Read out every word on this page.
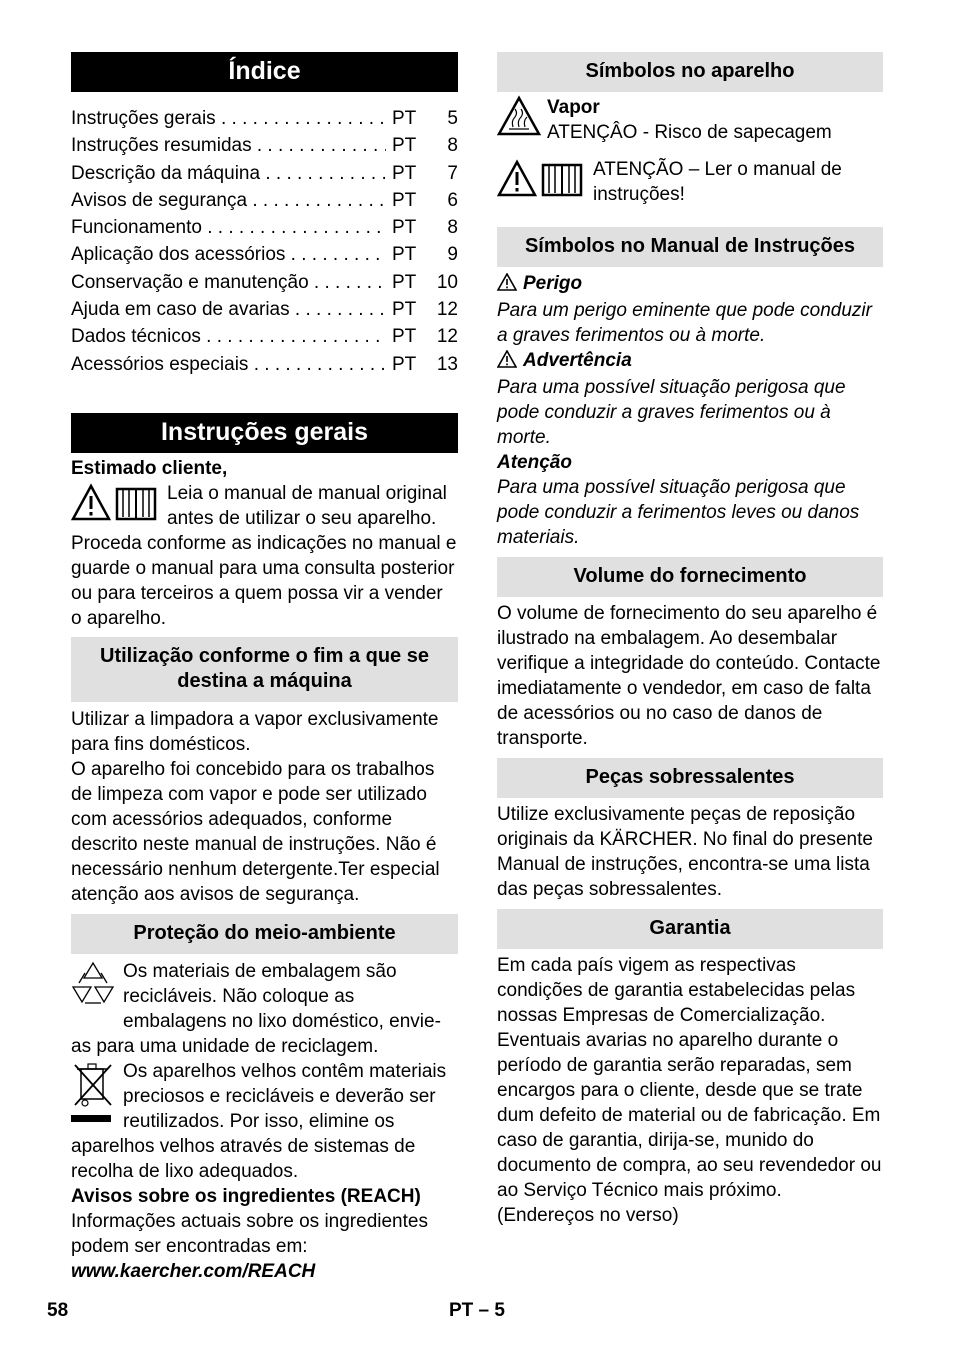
Índice
Instruções gerais . . .	PT	5
Instruções resumidas . . .	PT	8
Descrição da máquina . . .	PT	7
Avisos de segurança . . .	PT	6
Funcionamento . . .	PT	8
Aplicação dos acessórios . . .	PT	9
Conservação e manutenção . . .	PT	10
Ajuda em caso de avarias . . .	PT	12
Dados técnicos . . .	PT	12
Acessórios especiais . . .	PT	13
Instruções gerais

Estimado cliente,

Leia o manual de manual original antes de utilizar o seu aparelho. Proceda conforme as indicações no manual e guarde o manual para uma consulta posterior ou para terceiros a quem possa vir a vender o aparelho.

Utilização conforme o fim a que se destina a máquina

Utilizar a limpadora a vapor exclusivamente para fins domésticos.

O aparelho foi concebido para os trabalhos de limpeza com vapor e pode ser utilizado com acessórios adequados, conforme descrito neste manual de instruções. Não é necessário nenhum detergente.Ter especial atenção aos avisos de segurança.

Proteção do meio-ambiente

Os materiais de embalagem são recicláveis. Não coloque as embalagens no lixo doméstico, envie-as para uma unidade de reciclagem.

Os aparelhos velhos contêm materiais preciosos e recicláveis e deverão ser reutilizados. Por isso, elimine os aparelhos velhos através de sistemas de recolha de lixo adequados.

Avisos sobre os ingredientes (REACH)

Informações actuais sobre os ingredientes podem ser encontradas em:

www.kaercher.com/REACH

Símbolos no aparelho

Vapor

ATENÇÂO - Risco de sapecagem

ATENÇÃO – Ler o manual de instruções!

Símbolos no Manual de Instruções

Perigo

Para um perigo eminente que pode conduzir a graves ferimentos ou à morte.

Advertência

Para uma possível situação perigosa que pode conduzir a graves ferimentos ou à morte.

Atenção

Para uma possível situação perigosa que pode conduzir a ferimentos leves ou danos materiais.

Volume do fornecimento

O volume de fornecimento do seu aparelho é ilustrado na embalagem. Ao desembalar verifique a integridade do conteúdo. Contacte imediatamente o vendedor, em caso de falta de acessórios ou no caso de danos de transporte.

Peças sobressalentes

Utilize exclusivamente peças de reposição originais da KÄRCHER. No final do presente Manual de instruções, encontra-se uma lista das peças sobressalentes.

Garantia

Em cada país vigem as respectivas condições de garantia estabelecidas pelas nossas Empresas de Comercialização. Eventuais avarias no aparelho durante o período de garantia serão reparadas, sem encargos para o cliente, desde que se trate dum defeito de material ou de fabricação. Em caso de garantia, dirija-se, munido do documento de compra, ao seu revendedor ou ao Serviço Técnico mais próximo.

(Endereços no verso)

58	PT – 5
